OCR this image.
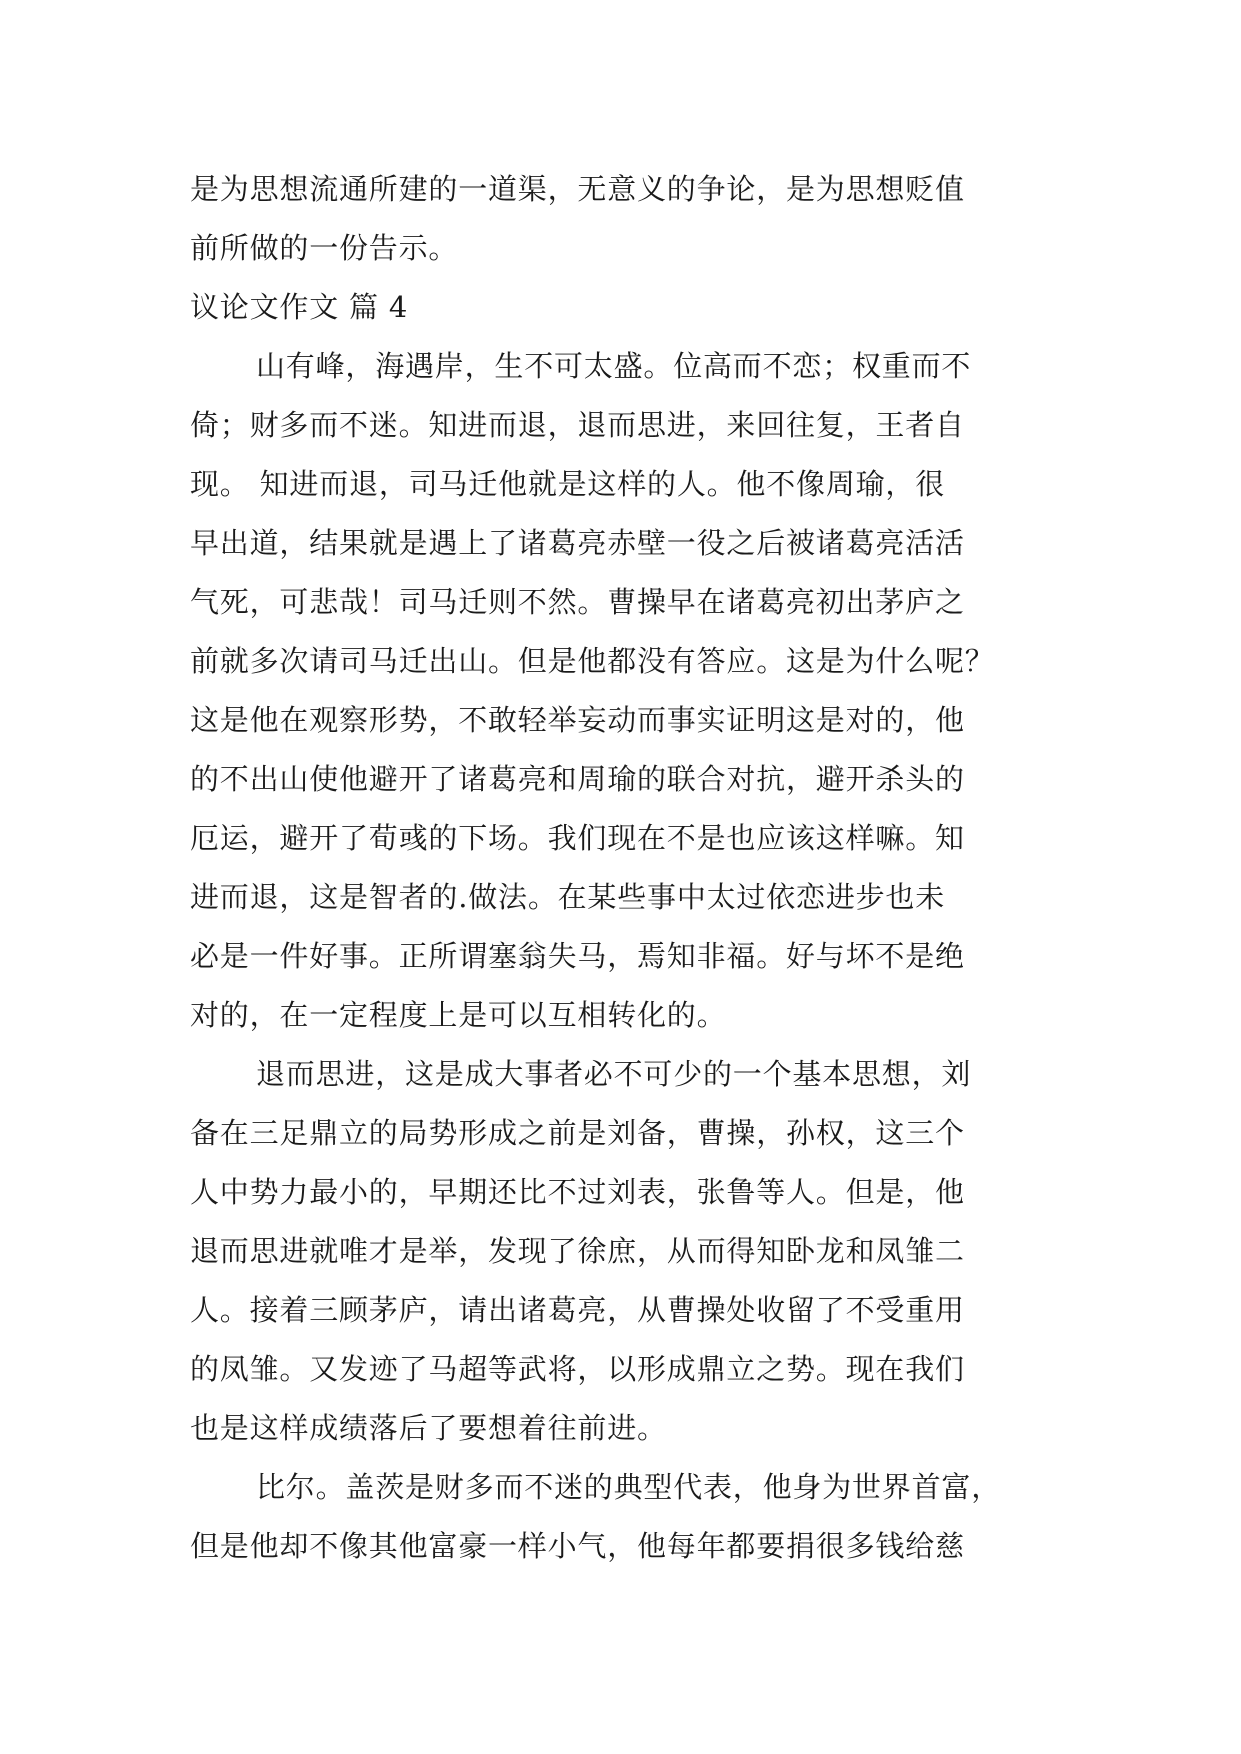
是为思想流通所建的一道渠，无意义的争论，是为思想贬值
前所做的一份告示。
议论文作文 篇 4
山有峰，海遇岸，生不可太盛。位高而不恋；权重而不
倚；财多而不迷。知进而退，退而思进，来回往复，王者自
现。 知进而退，司马迁他就是这样的人。他不像周瑜，很
早出道，结果就是遇上了诸葛亮赤壁一役之后被诸葛亮活活
气死，可悲哉！司马迁则不然。曹操早在诸葛亮初出茅庐之
前就多次请司马迁出山。但是他都没有答应。这是为什么呢？
这是他在观察形势，不敢轻举妄动而事实证明这是对的，他
的不出山使他避开了诸葛亮和周瑜的联合对抗，避开杀头的
厄运，避开了荀彧的下场。我们现在不是也应该这样嘛。知
进而退，这是智者的.做法。在某些事中太过依恋进步也未
必是一件好事。正所谓塞翁失马，焉知非福。好与坏不是绝
对的，在一定程度上是可以互相转化的。
退而思进，这是成大事者必不可少的一个基本思想，刘
备在三足鼎立的局势形成之前是刘备，曹操，孙权，这三个
人中势力最小的，早期还比不过刘表，张鲁等人。但是，他
退而思进就唯才是举，发现了徐庶，从而得知卧龙和凤雏二
人。接着三顾茅庐，请出诸葛亮，从曹操处收留了不受重用
的凤雏。又发迹了马超等武将，以形成鼎立之势。现在我们
也是这样成绩落后了要想着往前进。
比尔。盖茨是财多而不迷的典型代表，他身为世界首富，
但是他却不像其他富豪一样小气，他每年都要捐很多钱给慈
